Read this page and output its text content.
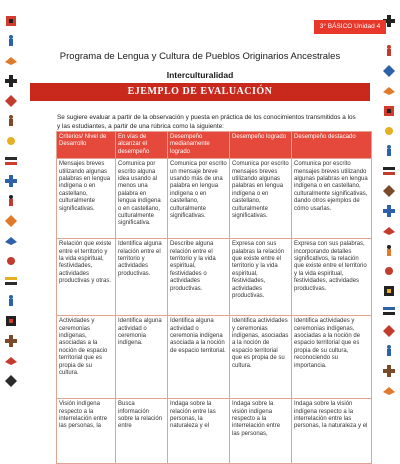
3° BÁSICO Unidad 4
Programa de Lengua y Cultura de Pueblos Originarios Ancestrales
Interculturalidad
EJEMPLO DE EVALUACIÓN
Se sugiere evaluar a partir de la observación y puesta en práctica de los conocimientos transmitidos a los y las estudiantes, a partir de una rúbrica como la siguiente:
Criterios/ Nivel de Desarrollo	En vías de alcanzar el desempeño	Desempeño medianamente logrado	Desempeño logrado	Desempeño destacado
Mensajes breves utilizando algunas palabras en lengua indígena o en castellano, culturalmente significativas.	Comunica por escrito alguna idea usando al menos una palabra en lengua indígena o en castellano, culturalmente significativa.	Comunica por escrito un mensaje breve usando más de una palabra en lengua indígena o en castellano, culturalmente significativas.	Comunica por escrito mensajes breves utilizando algunas palabras en lengua indígena o en castellano, culturalmente significativas.	Comunica por escrito mensajes breves utilizando algunas palabras en lengua indígena o en castellano, culturalmente significativas, dando otros ejemplos de cómo usarlas.
Relación que existe entre el territorio y la vida espiritual, festividades, actividades productivas y otras.	Identifica alguna relación entre el territorio y actividades productivas.	Describe alguna relación entre el territorio y la vida espiritual, festividades o actividades productivas.	Expresa con sus palabras la relación que existe entre el territorio y la vida espiritual, festividades, actividades productivas.	Expresa con sus palabras, incorporando detalles significativos, la relación que existe entre el territorio y la vida espiritual, festividades, actividades productivas.
Actividades y ceremonias indígenas, asociadas a la noción de espacio territorial que es propia de su cultura.	Identifica alguna actividad o ceremonia indígena.	Identifica alguna actividad o ceremonia indígena asociada a la noción de espacio territorial.	Identifica actividades y ceremonias indígenas, asociadas a la noción de espacio territorial que es propia de su cultura.	Identifica actividades y ceremonias indígenas, asociadas a la noción de espacio territorial que es propia de su cultura, reconociendo su importancia.
Visión indígena respecto a la interrelación entre las personas, la	Busca información sobre la relación entre	Indaga sobre la relación entre las personas, la naturaleza y el	Indaga sobre la visión indígena respecto a la interrelación entre las personas,	Indaga sobre la visión indígena respecto a la interrelación entre las personas, la naturaleza y el
